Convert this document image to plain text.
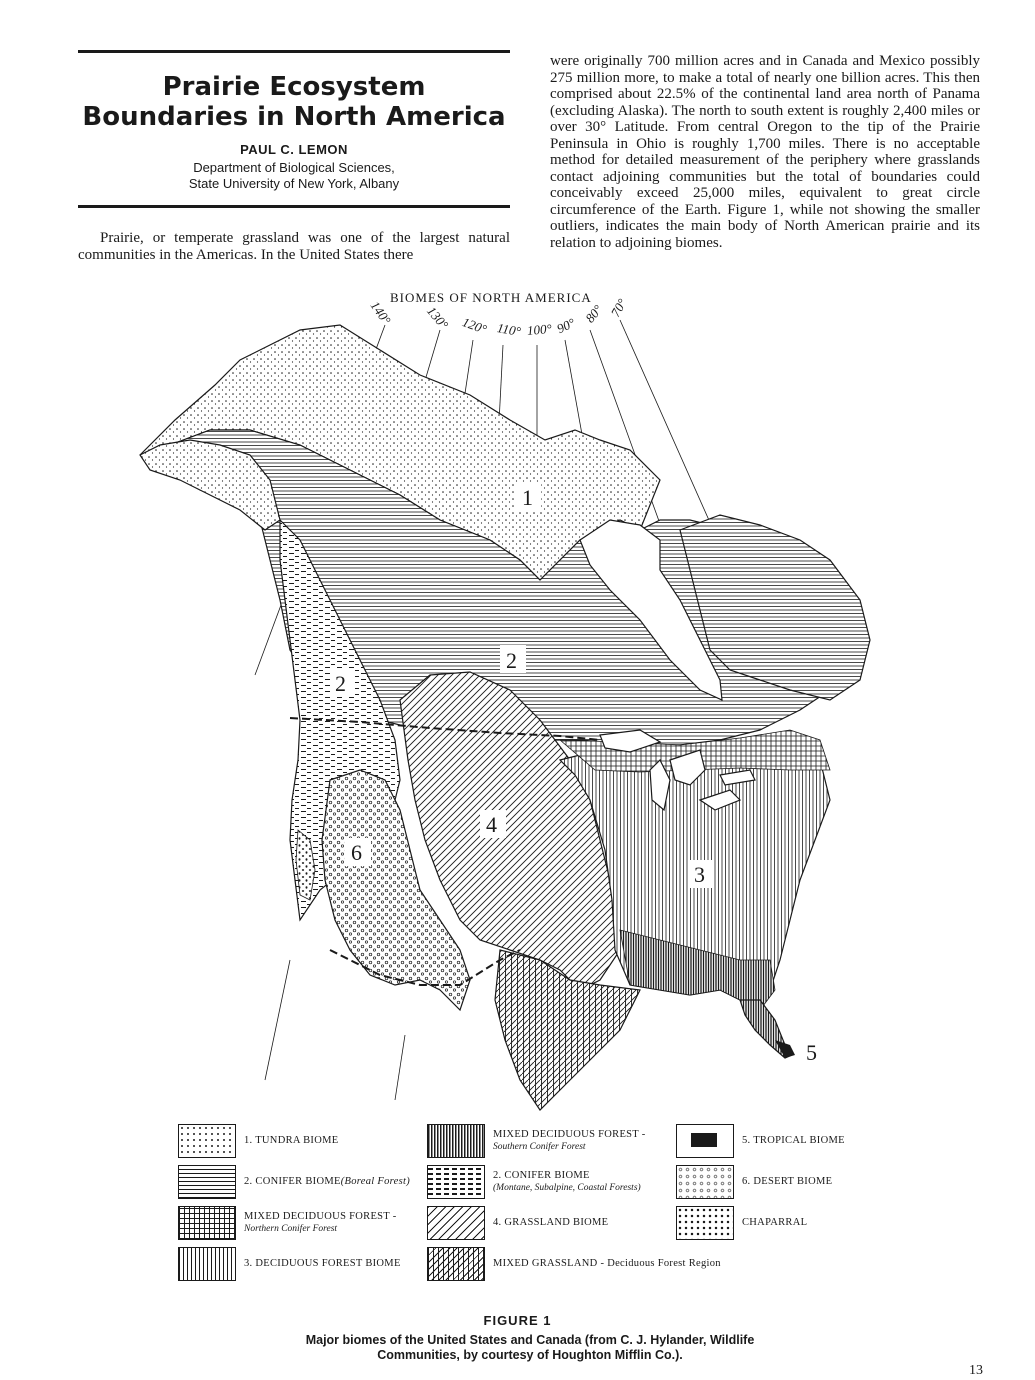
Prairie Ecosystem
Boundaries in North America
PAUL C. LEMON
Department of Biological Sciences,
State University of New York, Albany

Prairie, or temperate grassland was one of the largest natural communities in the Americas. In the United States there

were originally 700 million acres and in Canada and Mexico possibly 275 million more, to make a total of nearly one billion acres. This then comprised about 22.5% of the continental land area north of Panama (excluding Alaska). The north to south extent is roughly 2,400 miles or over 30° Latitude. From central Oregon to the tip of the Prairie Peninsula in Ohio is roughly 1,700 miles. There is no acceptable method for detailed measurement of the periphery where grasslands contact adjoining communities but the total of boundaries could conceivably exceed 25,000 miles, equivalent to great circle circumference of the Earth. Figure 1, while not showing the smaller outliers, indicates the main body of North American prairie and its relation to adjoining biomes.

BIOMES OF NORTH AMERICA
140° 130° 120° 110° 100° 90°
80° 70°
1
2
2
4
6
3
5
1. TUNDRA BIOME
2. CONIFER BIOME(Boreal Forest)
MIXED DECIDUOUS FOREST -
Northern Conifer Forest
3. DECIDUOUS FOREST BIOME
MIXED DECIDUOUS FOREST -
Southern Conifer Forest
2. CONIFER BIOME
(Montane, Subalpine, Coastal Forests)
4. GRASSLAND BIOME
MIXED GRASSLAND - Deciduous Forest Region
5. TROPICAL BIOME
6. DESERT BIOME
CHAPARRAL
FIGURE 1
Major biomes of the United States and Canada (from C. J. Hylander, Wildlife Communities, by courtesy of Houghton Mifflin Co.).
13
